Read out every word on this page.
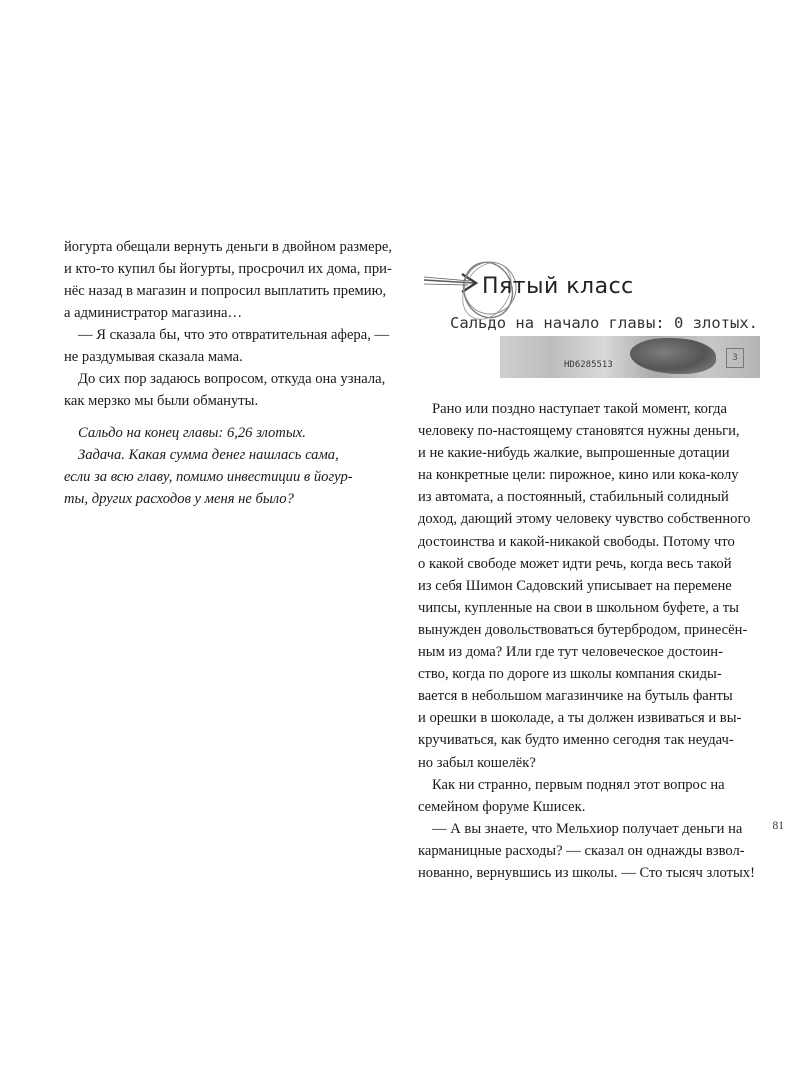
йогурта обещали вернуть деньги в двойном размере,
и кто-то купил бы йогурты, просрочил их дома, при-
нёс назад в магазин и попросил выплатить премию,
а администратор магазина…
— Я сказала бы, что это отвратительная афера, —
не раздумывая сказала мама.
До сих пор задаюсь вопросом, откуда она узнала,
как мерзко мы были обмануты.
Сальдо на конец главы: 6,26 злотых.
Задача. Какая сумма денег нашлась сама,
если за всю главу, помимо инвестиции в йогур-
ты, других расходов у меня не было?
Пятый класс
Сальдо на начало главы: 0 злотых.
HD6285513
3
Рано или поздно наступает такой момент, когда
человеку по-настоящему становятся нужны деньги,
и не какие-нибудь жалкие, выпрошенные дотации
на конкретные цели: пирожное, кино или кока-колу
из автомата, а постоянный, стабильный солидный
доход, дающий этому человеку чувство собственного
достоинства и какой-никакой свободы. Потому что
о какой свободе может идти речь, когда весь такой
из себя Шимон Садовский уписывает на перемене
чипсы, купленные на свои в школьном буфете, а ты
вынужден довольствоваться бутербродом, принесён-
ным из дома? Или где тут человеческое достоин-
ство, когда по дороге из школы компания скиды-
вается в небольшом магазинчике на бутыль фанты
и орешки в шоколаде, а ты должен извиваться и вы-
кручиваться, как будто именно сегодня так неудач-
но забыл кошелёк?
Как ни странно, первым поднял этот вопрос на
семейном форуме Кшисек.
— А вы знаете, что Мельхиор получает деньги на
карманицные расходы? — сказал он однажды взвол-
нованно, вернувшись из школы. — Сто тысяч злотых!
81
